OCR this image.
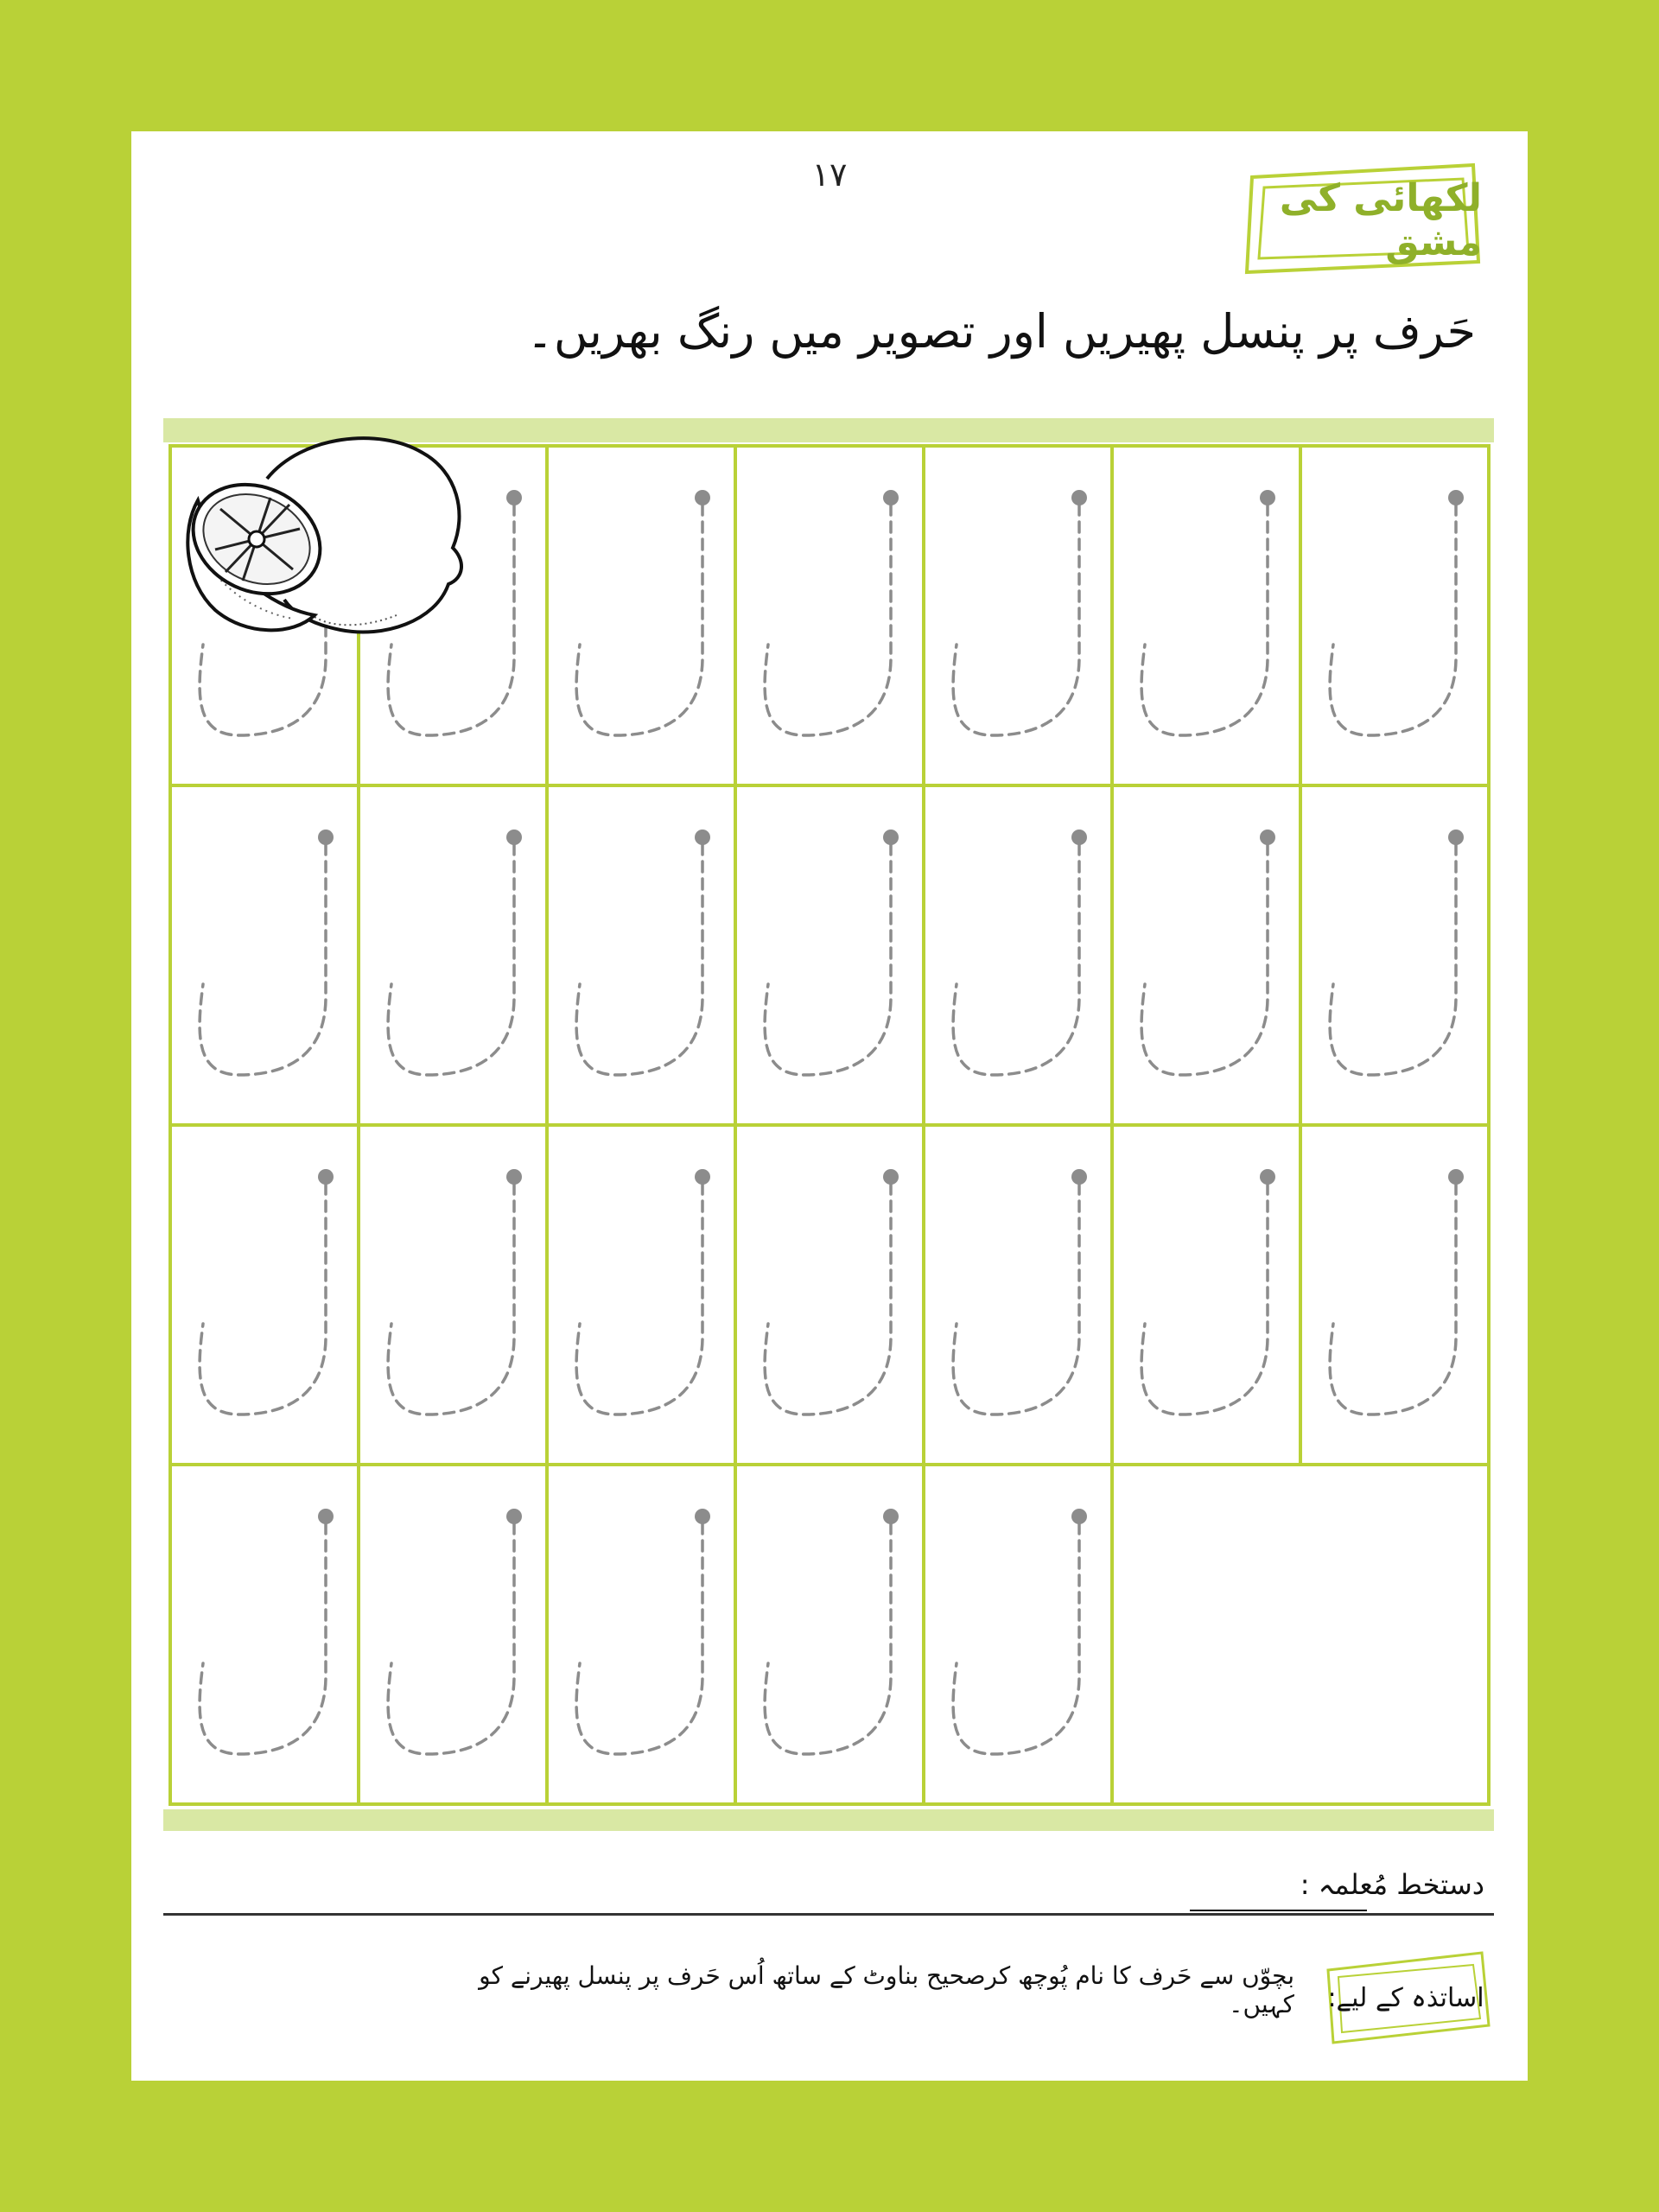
۱۷
لکھائی کی مشق
حَرف پر پنسل پھیریں اور تصویر میں رنگ بھریں۔
دستخط مُعلمہ :
اساتذہ کے لیے:
بچوّں سے حَرف کا نام پُوچھ کرصحیح بناوٹ کے ساتھ اُس حَرف پر پنسل پھیرنے کو کہیں۔
